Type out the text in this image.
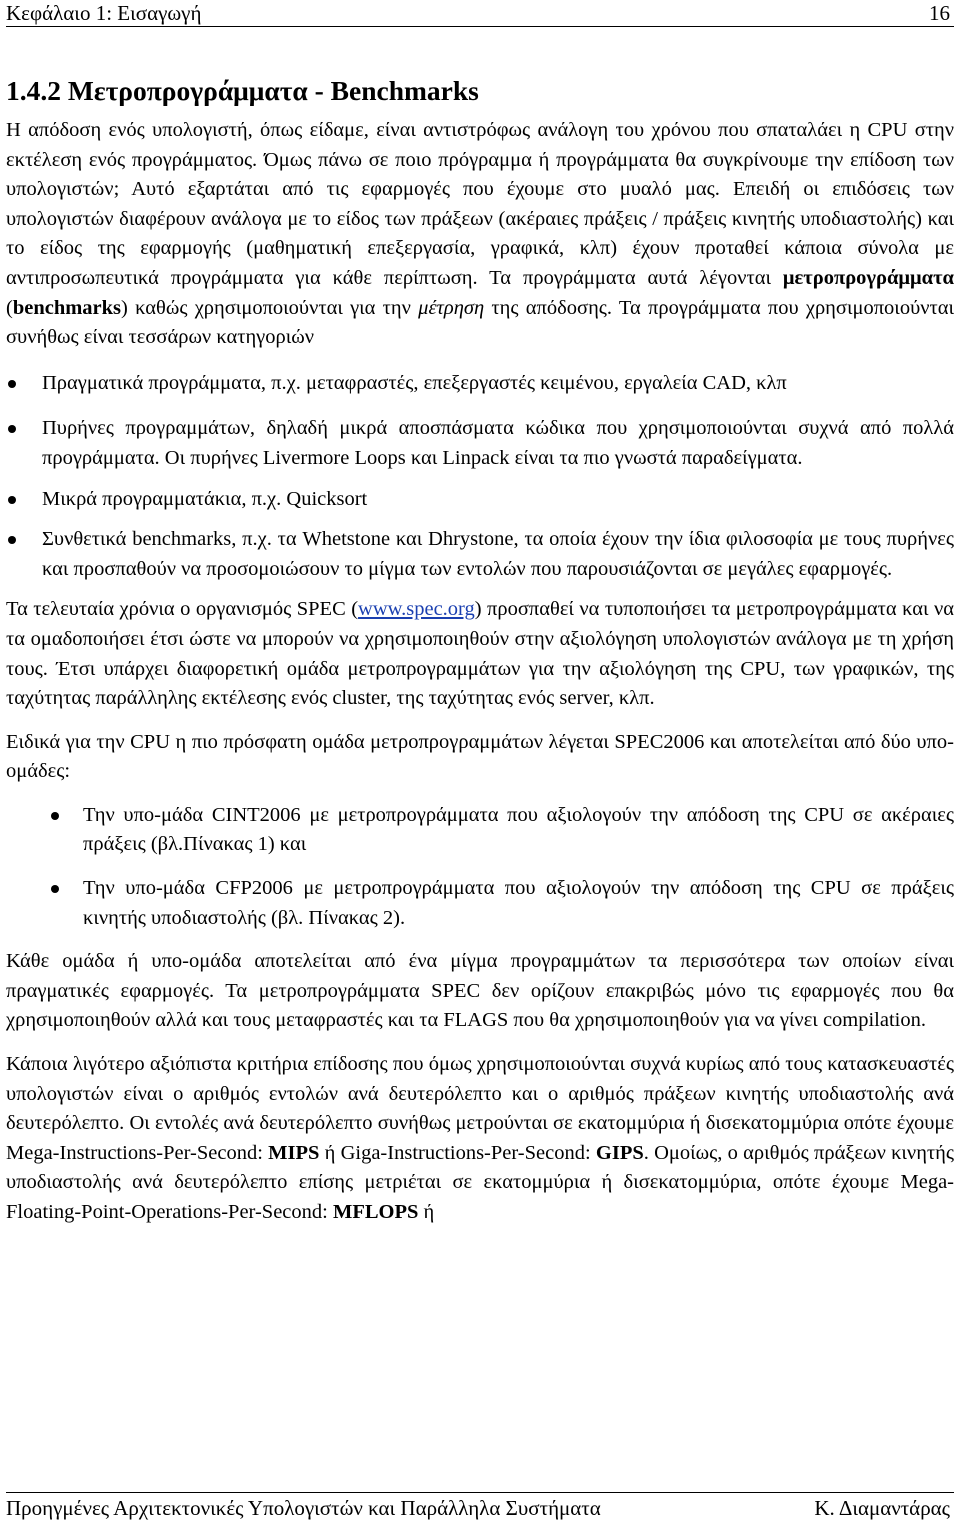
Κεφάλαιο 1: Εισαγωγή	16
1.4.2 Μετροπρογράμματα - Benchmarks

Η απόδοση ενός υπολογιστή, όπως είδαμε, είναι αντιστρόφως ανάλογη του χρόνου που σπαταλάει η CPU στην εκτέλεση ενός προγράμματος. Όμως πάνω σε ποιο πρόγραμμα ή προγράμματα θα συγκρίνουμε την επίδοση των υπολογιστών; Αυτό εξαρτάται από τις εφαρμογές που έχουμε στο μυαλό μας. Επειδή οι επιδόσεις των υπολογιστών διαφέρουν ανάλογα με το είδος των πράξεων (ακέραιες πράξεις / πράξεις κινητής υποδιαστολής) και το είδος της εφαρμογής (μαθηματική επεξεργασία, γραφικά, κλπ) έχουν προταθεί κάποια σύνολα με αντιπροσωπευτικά προγράμματα για κάθε περίπτωση. Τα προγράμματα αυτά λέγονται μετροπρογράμματα (benchmarks) καθώς χρησιμοποιούνται για την μέτρηση της απόδοσης. Τα προγράμματα που χρησιμοποιούνται συνήθως είναι τεσσάρων κατηγοριών

Πραγματικά προγράμματα, π.χ. μεταφραστές, επεξεργαστές κειμένου, εργαλεία CAD, κλπ
Πυρήνες προγραμμάτων, δηλαδή μικρά αποσπάσματα κώδικα που χρησιμοποιούνται συχνά από πολλά προγράμματα. Οι πυρήνες Livermore Loops και Linpack είναι τα πιο γνωστά παραδείγματα.
Μικρά προγραμματάκια, π.χ. Quicksort
Συνθετικά benchmarks, π.χ. τα Whetstone και Dhrystone, τα οποία έχουν την ίδια φιλοσοφία με τους πυρήνες και προσπαθούν να προσομοιώσουν το μίγμα των εντολών που παρουσιάζονται σε μεγάλες εφαρμογές.

Τα τελευταία χρόνια ο οργανισμός SPEC (www.spec.org) προσπαθεί να τυποποιήσει τα μετροπρογράμματα και να τα ομαδοποιήσει έτσι ώστε να μπορούν να χρησιμοποιηθούν στην αξιολόγηση υπολογιστών ανάλογα με τη χρήση τους. Έτσι υπάρχει διαφορετική ομάδα μετροπρογραμμάτων για την αξιολόγηση της CPU, των γραφικών, της ταχύτητας παράλληλης εκτέλεσης ενός cluster, της ταχύτητας ενός server, κλπ.

Ειδικά για την CPU η πιο πρόσφατη ομάδα μετροπρογραμμάτων λέγεται SPEC2006 και αποτελείται από δύο υπο-ομάδες:

Την υπο-μάδα CINT2006 με μετροπρογράμματα που αξιολογούν την απόδοση της CPU σε ακέραιες πράξεις (βλ.Πίνακας 1) και
Την υπο-μάδα CFP2006 με μετροπρογράμματα που αξιολογούν την απόδοση της CPU σε πράξεις κινητής υποδιαστολής (βλ. Πίνακας 2).

Κάθε ομάδα ή υπο-ομάδα αποτελείται από ένα μίγμα προγραμμάτων τα περισσότερα των οποίων είναι πραγματικές εφαρμογές. Τα μετροπρογράμματα SPEC δεν ορίζουν επακριβώς μόνο τις εφαρμογές που θα χρησιμοποιηθούν αλλά και τους μεταφραστές και τα FLAGS που θα χρησιμοποιηθούν για να γίνει compilation.

Κάποια λιγότερο αξιόπιστα κριτήρια επίδοσης που όμως χρησιμοποιούνται συχνά κυρίως από τους κατασκευαστές υπολογιστών είναι ο αριθμός εντολών ανά δευτερόλεπτο και ο αριθμός πράξεων κινητής υποδιαστολής ανά δευτερόλεπτο. Οι εντολές ανά δευτερόλεπτο συνήθως μετρούνται σε εκατομμύρια ή δισεκατομμύρια οπότε έχουμε Mega-Instructions-Per-Second: MIPS ή Giga-Instructions-Per-Second: GIPS. Ομοίως, ο αριθμός πράξεων κινητής υποδιαστολής ανά δευτερόλεπτο επίσης μετριέται σε εκατομμύρια ή δισεκατομμύρια, οπότε έχουμε Mega-Floating-Point-Operations-Per-Second: MFLOPS ή

Προηγμένες Αρχιτεκτονικές Υπολογιστών και Παράλληλα Συστήματα	Κ. Διαμαντάρας
